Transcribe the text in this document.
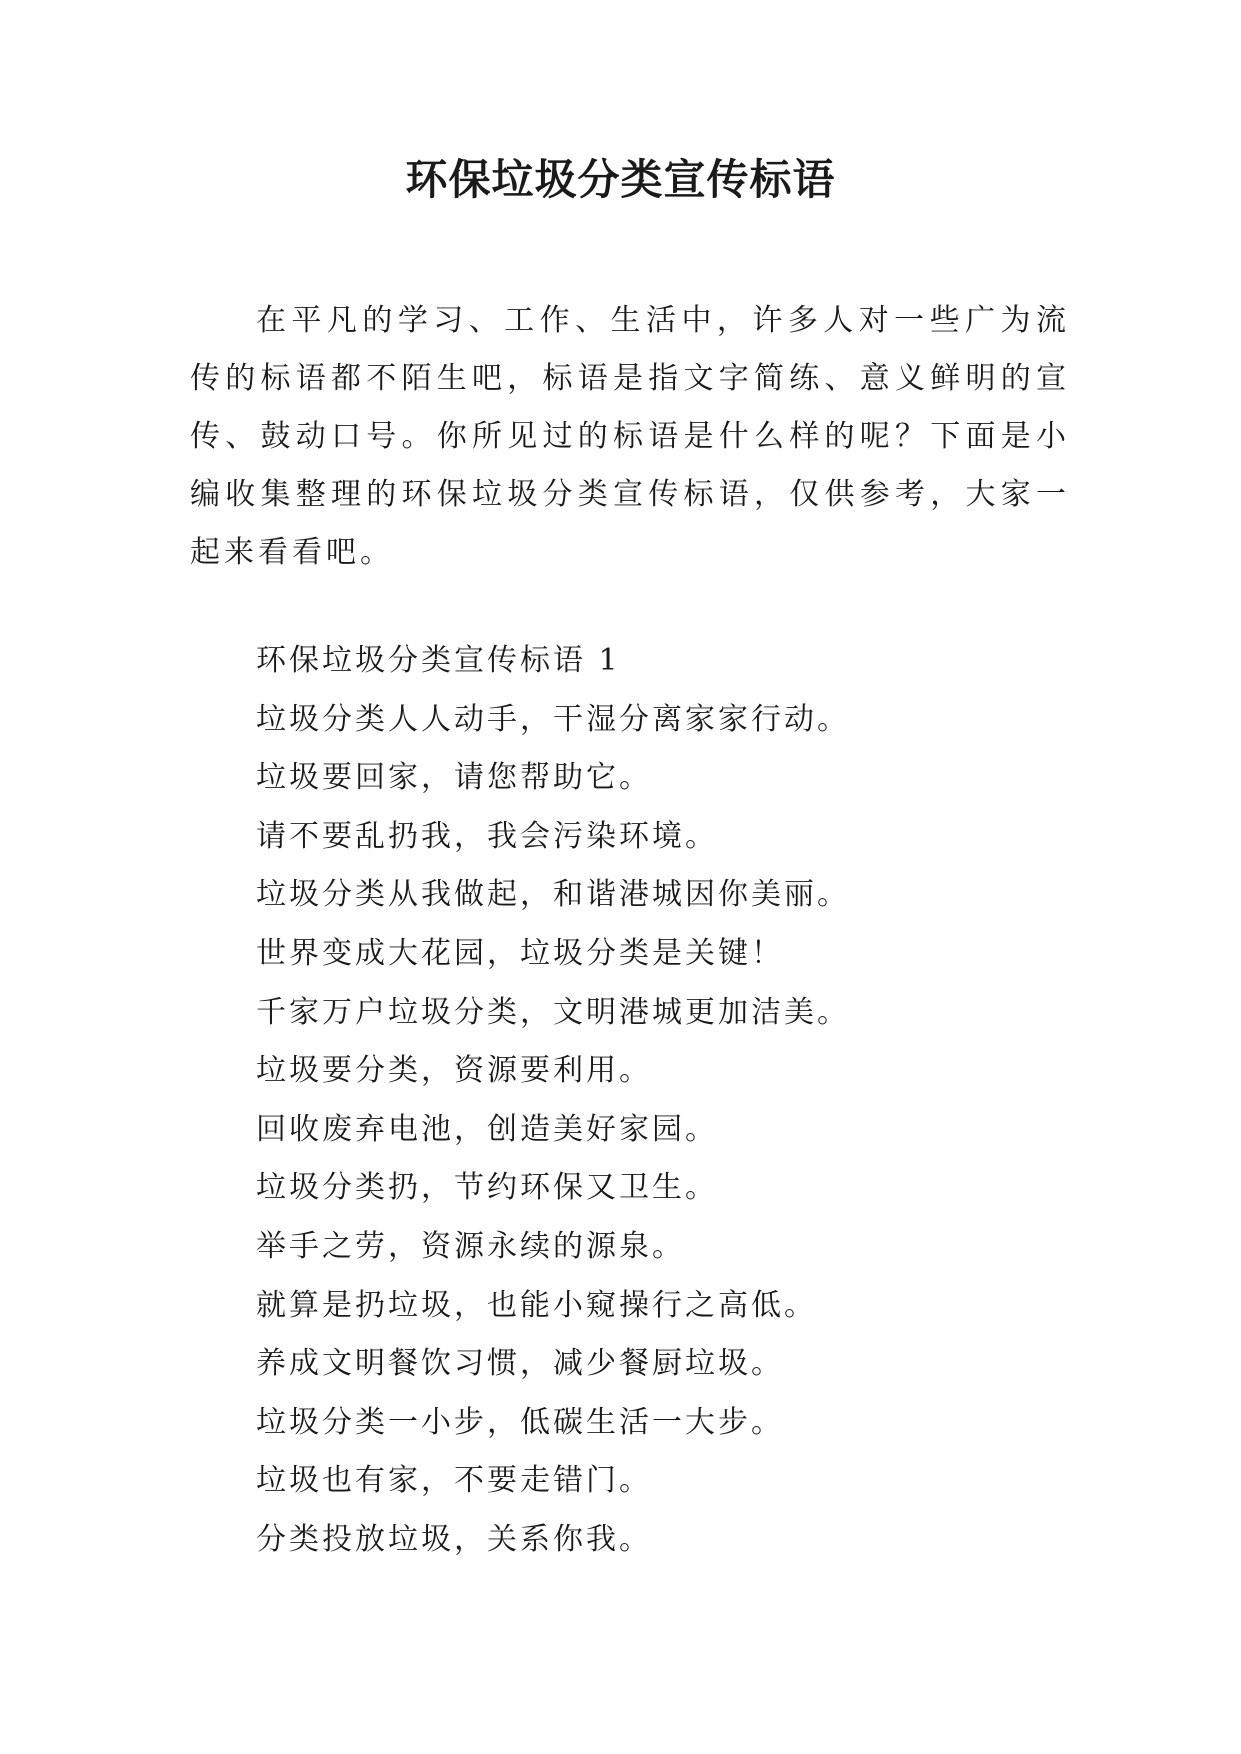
环保垃圾分类宣传标语

在平凡的学习、工作、生活中，许多人对一些广为流传的标语都不陌生吧，标语是指文字简练、意义鲜明的宣传、鼓动口号。你所见过的标语是什么样的呢？下面是小编收集整理的环保垃圾分类宣传标语，仅供参考，大家一起来看看吧。

环保垃圾分类宣传标语 1
垃圾分类人人动手，干湿分离家家行动。
垃圾要回家，请您帮助它。
请不要乱扔我，我会污染环境。
垃圾分类从我做起，和谐港城因你美丽。
世界变成大花园，垃圾分类是关键！
千家万户垃圾分类，文明港城更加洁美。
垃圾要分类，资源要利用。
回收废弃电池，创造美好家园。
垃圾分类扔，节约环保又卫生。
举手之劳，资源永续的源泉。
就算是扔垃圾，也能小窥操行之高低。
养成文明餐饮习惯，减少餐厨垃圾。
垃圾分类一小步，低碳生活一大步。
垃圾也有家，不要走错门。
分类投放垃圾，关系你我。
